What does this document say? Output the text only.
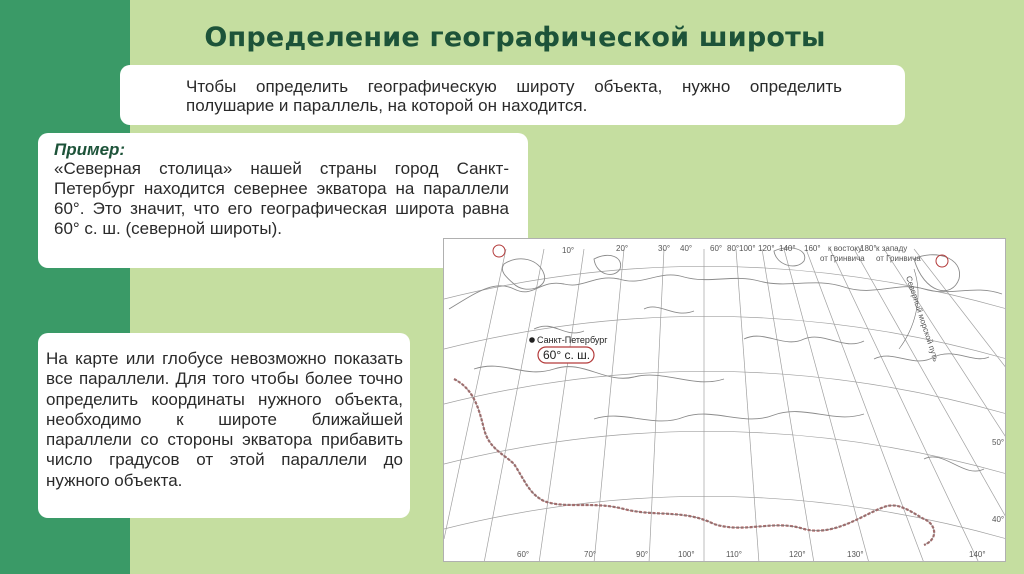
Определение географической широты

Чтобы определить географическую широту объекта, нужно определить полушарие и параллель, на которой он находится.

Пример:

«Северная столица» нашей страны город Санкт-Петербург находится севернее экватора на параллели 60°. Это значит, что его географическая широта равна 60° с. ш. (северной широты).

На карте или глобусе невозможно показать все параллели. Для того чтобы более точно определить координаты нужного объекта, необходимо к широте ближайшей параллели со стороны экватора прибавить число градусов от этой параллели до нужного объекта.

Северный морской путь
10°	20°	30° 40° 60° 80° 100° 120° 140° 160° к востоку
от Гринвича
180° к западу
от Гринвича
60°	70°	90°	100°	110°	120°	130°	140°
50°
40°
Санкт-Петербург
60° с. ш.
